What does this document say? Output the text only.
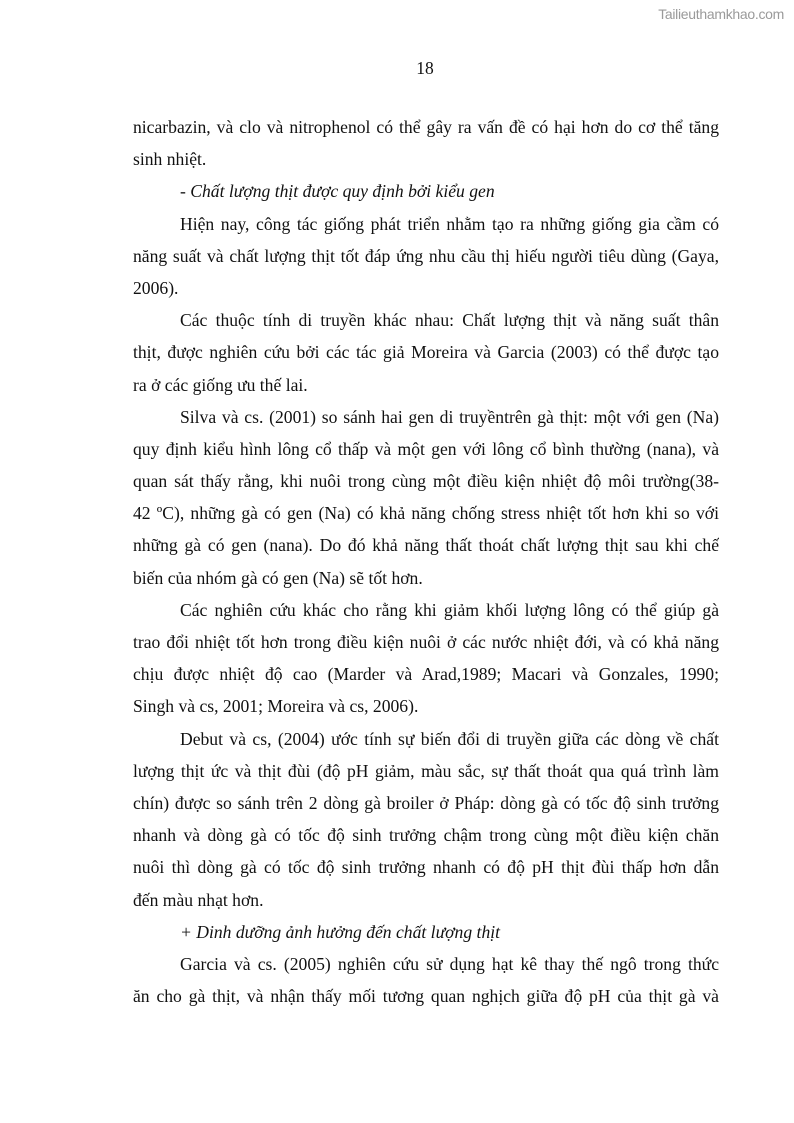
Tailieuthamkhao.com
18
nicarbazin, và clo và nitrophenol có thể gây ra vấn đề có hại hơn do cơ thể tăng
sinh nhiệt.
- Chất lượng thịt được quy định bởi kiểu gen
Hiện nay, công tác giống phát triển nhằm tạo ra những giống gia cầm có
năng suất và chất lượng thịt tốt đáp ứng nhu cầu thị hiếu người tiêu dùng (Gaya,
2006).
Các thuộc tính di truyền khác nhau: Chất lượng thịt và năng suất thân
thịt, được nghiên cứu bởi các tác giả Moreira và Garcia (2003) có thể được tạo
ra ở các giống ưu thế lai.
Silva và cs. (2001) so sánh hai gen di truyềntrên gà thịt: một với gen (Na)
quy định kiểu hình lông cổ thấp và một gen với lông cổ bình thường (nana), và
quan sát thấy rằng, khi nuôi trong cùng một điều kiện nhiệt độ môi trường(38-
42 ºC), những gà có gen (Na) có khả năng chống stress nhiệt tốt hơn khi so với
những gà có gen (nana). Do đó khả năng thất thoát chất lượng thịt sau khi chế
biến của nhóm gà có gen (Na) sẽ tốt hơn.
Các nghiên cứu khác cho rằng khi giảm khối lượng lông có thể giúp gà
trao đổi nhiệt tốt hơn trong điều kiện nuôi ở các nước nhiệt đới, và có khả năng
chịu được nhiệt độ cao (Marder và Arad,1989; Macari và Gonzales, 1990;
Singh và cs, 2001; Moreira và cs, 2006).
Debut và cs, (2004) ước tính sự biến đổi di truyền giữa các dòng về chất
lượng thịt ức và thịt đùi (độ pH giảm, màu sắc, sự thất thoát qua quá trình làm
chín) được so sánh trên 2 dòng gà broiler ở Pháp: dòng gà có tốc độ sinh trưởng
nhanh và dòng gà có tốc độ sinh trưởng chậm trong cùng một điều kiện chăn
nuôi thì dòng gà có tốc độ sinh trưởng nhanh có độ pH thịt đùi thấp hơn dẫn
đến màu nhạt hơn.
+ Dinh dưỡng ảnh hưởng đến chất lượng thịt
Garcia và cs. (2005) nghiên cứu sử dụng hạt kê thay thế ngô trong thức
ăn cho gà thịt, và nhận thấy mối tương quan nghịch giữa độ pH của thịt gà và
